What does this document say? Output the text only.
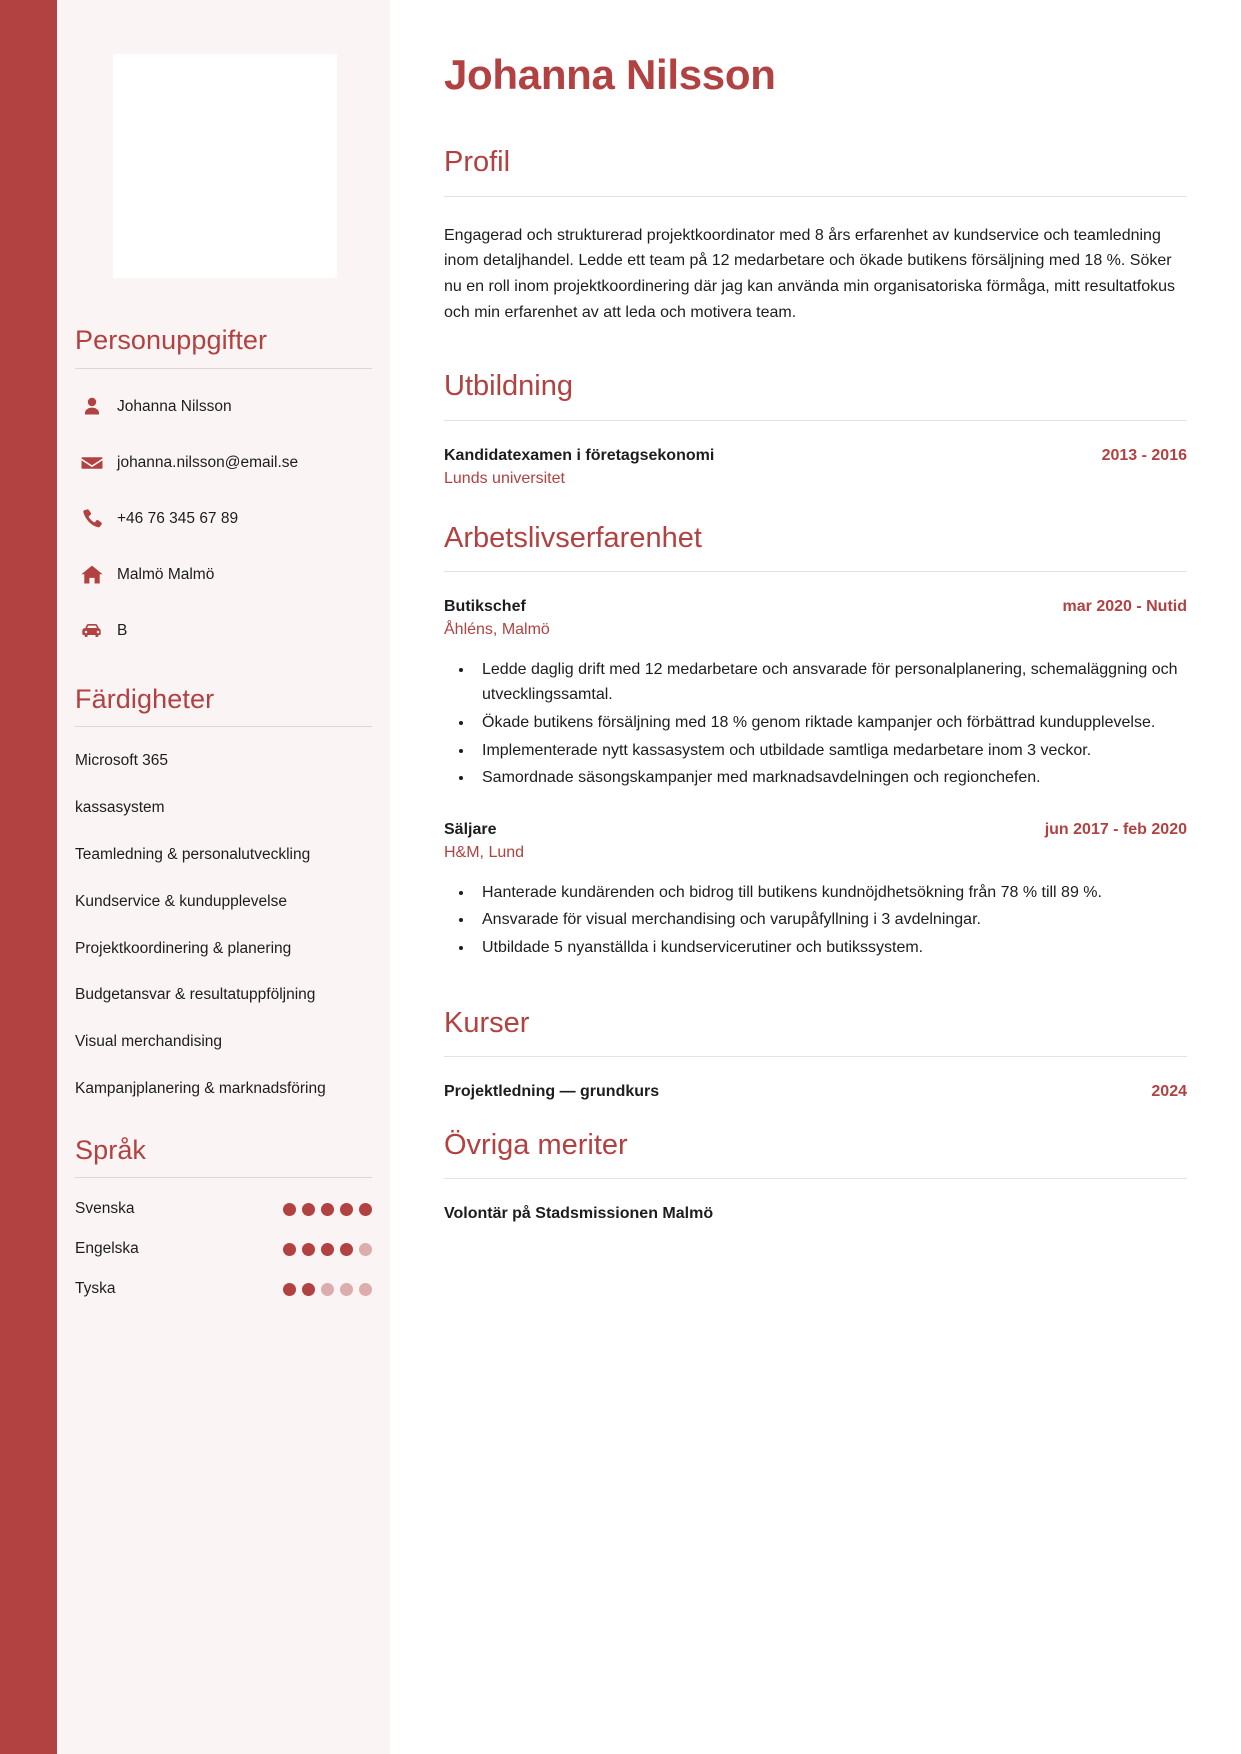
Personuppgifter
Johanna Nilsson
johanna.nilsson@email.se
+46 76 345 67 89
Malmö Malmö
B
Färdigheter
Microsoft 365
kassasystem
Teamledning & personalutveckling
Kundservice & kundupplevelse
Projektkoordinering & planering
Budgetansvar & resultatuppföljning
Visual merchandising
Kampanjplanering & marknadsföring
Språk
Svenska
Engelska
Tyska
Johanna Nilsson
Profil

Engagerad och strukturerad projektkoordinator med 8 års erfarenhet av kundservice och teamledning inom detaljhandel. Ledde ett team på 12 medarbetare och ökade butikens försäljning med 18 %. Söker nu en roll inom projektkoordinering där jag kan använda min organisatoriska förmåga, mitt resultatfokus och min erfarenhet av att leda och motivera team.

Utbildning
Kandidatexamen i företagsekonomi	2013 - 2016
Lunds universitet
Arbetslivserfarenhet
Butikschef	mar 2020 - Nutid
Åhléns, Malmö
• Ledde daglig drift med 12 medarbetare och ansvarade för personalplanering, schemaläggning och utvecklingssamtal.
• Ökade butikens försäljning med 18 % genom riktade kampanjer och förbättrad kundupplevelse.
• Implementerade nytt kassasystem och utbildade samtliga medarbetare inom 3 veckor.
• Samordnade säsongskampanjer med marknadsavdelningen och regionchefen.
Säljare	jun 2017 - feb 2020
H&M, Lund
• Hanterade kundärenden och bidrog till butikens kundnöjdhetsökning från 78 % till 89 %.
• Ansvarade för visual merchandising och varupåfyllning i 3 avdelningar.
• Utbildade 5 nyanställda i kundservicerutiner och butikssystem.
Kurser
Projektledning — grundkurs	2024
Övriga meriter
Volontär på Stadsmissionen Malmö
